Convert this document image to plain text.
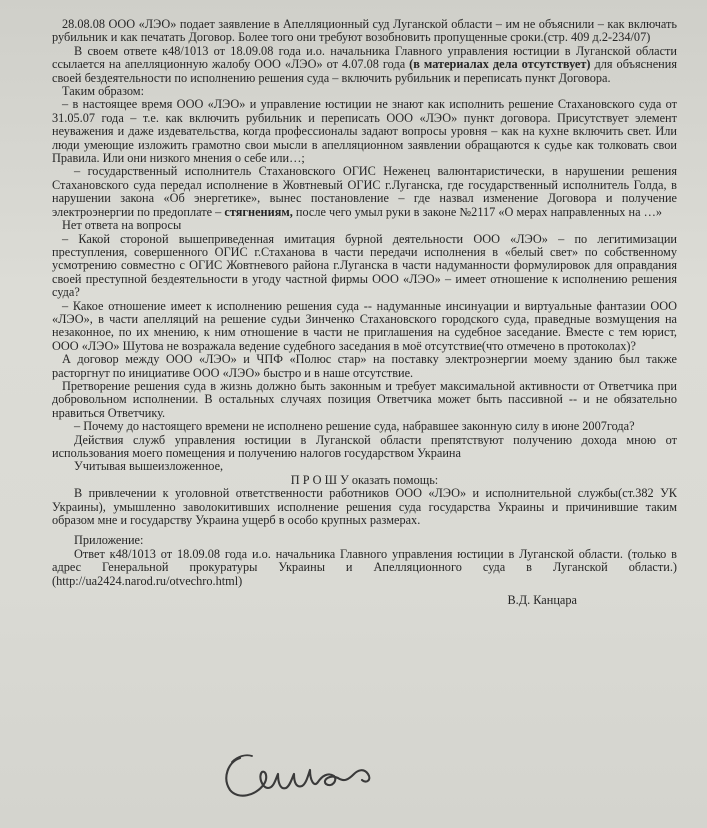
28.08.08 ООО «ЛЭО» подает заявление в Апелляционный суд Луганской области – им не объяснили – как включать рубильник и как печатать Договор. Более того они требуют возобновить пропущенные сроки.(стр. 409 д.2-234/07)

В своем ответе к48/1013 от 18.09.08 года и.о. начальника Главного управления юстиции в Луганской области ссылается на апелляционную жалобу ООО «ЛЭО» от 4.07.08 года (в материалах дела отсутствует) для объяснения своей бездеятельности по исполнению решения суда – включить рубильник и переписать пункт Договора.

Таким образом:

– в настоящее время ООО «ЛЭО» и управление юстиции не знают как исполнить решение Стахановского суда от 31.05.07 года – т.е. как включить рубильник и переписать ООО «ЛЭО» пункт договора. Присутствует элемент неуважения и даже издевательства, когда профессионалы задают вопросы уровня – как на кухне включить свет. Или люди умеющие изложить грамотно свои мысли в апелляционном заявлении обращаются к судье как толковать свои Правила. Или они низкого мнения о себе или…;

– государственный исполнитель Стахановского ОГИС Неженец валюнтаристически, в нарушении решения Стахановского суда передал исполнение в Жовтневый ОГИС г.Луганска, где государственный исполнитель Голда, в нарушении закона «Об энергетике», вынес постановление – где назвал изменение Договора и получение электроэнергии по предоплате – стягнениям, после чего умыл руки в законе №2117 «О мерах направленных на …»

Нет ответа на вопросы

– Какой стороной вышеприведенная имитация бурной деятельности ООО «ЛЭО» – по легитимизации преступления, совершенного ОГИС г.Стаханова в части передачи исполнения в «белый свет» по собственному усмотрению совместно с ОГИС Жовтневого района г.Луганска в части надуманности формулировок для оправдания своей преступной бездеятельности в угоду частной фирмы ООО «ЛЭО» – имеет отношение к исполнению решения суда?

– Какое отношение имеет к исполнению решения суда -- надуманные инсинуации и виртуальные фантазии ООО «ЛЭО», в части апелляций на решение судьи Зинченко Стахановского городского суда, праведные возмущения на незаконное, по их мнению, к ним отношение в части не приглашения на судебное заседание. Вместе с тем юрист, ООО «ЛЭО» Шутова не возражала ведение судебного заседания в моё отсутствие(что отмечено в протоколах)?

А договор между ООО «ЛЭО» и ЧПФ «Полюс стар» на поставку электроэнергии моему зданию был также расторгнут по инициативе ООО «ЛЭО» быстро и в наше отсутствие.

Претворение решения суда в жизнь должно быть законным и требует максимальной активности от Ответчика при добровольном исполнении. В остальных случаях позиция Ответчика может быть пассивной -- и не обязательно нравиться Ответчику.

– Почему до настоящего времени не исполнено решение суда, набравшее законную силу в июне 2007года?

Действия служб управления юстиции в Луганской области препятствуют получению дохода мною от использования моего помещения и получению налогов государством Украина

Учитывая вышеизложенное,

П Р О Ш У оказать помощь:

В привлечении к уголовной ответственности работников ООО «ЛЭО» и исполнительной службы(ст.382 УК Украины), умышленно заволокитивших исполнение решения суда государства Украины и причинившие таким образом мне и государству Украина ущерб в особо крупных размерах.

Приложение:

Ответ к48/1013 от 18.09.08 года и.о. начальника Главного управления юстиции в Луганской области. (только в адрес Генеральной прокуратуры Украины и Апелляционного суда в Луганской области.) (http://ua2424.narod.ru/otvechro.html)

В.Д. Канцара
